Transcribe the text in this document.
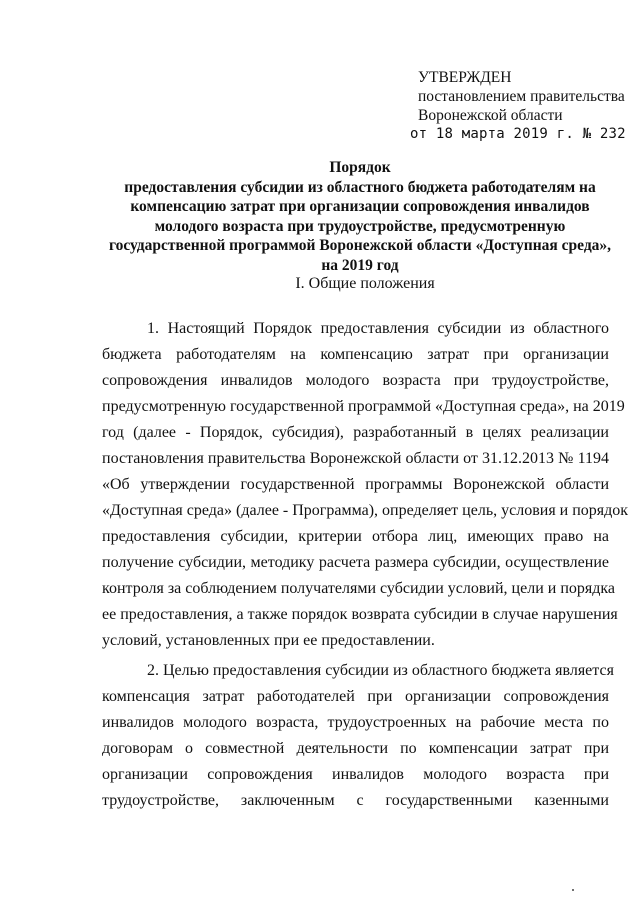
УТВЕРЖДЕН
постановлением правительства
Воронежской области
от 18 марта 2019 г. № 232
Порядок
предоставления субсидии из областного бюджета работодателям на
компенсацию затрат при организации сопровождения инвалидов
молодого возраста при трудоустройстве, предусмотренную
государственной программой Воронежской области «Доступная среда»,
на 2019 год
I. Общие положения
1. Настоящий Порядок предоставления субсидии из областного
бюджета работодателям на компенсацию затрат при организации
сопровождения инвалидов молодого возраста при трудоустройстве,
предусмотренную государственной программой «Доступная среда», на 2019
год (далее - Порядок, субсидия), разработанный в целях реализации
постановления правительства Воронежской области от 31.12.2013 № 1194
«Об утверждении государственной программы Воронежской области
«Доступная среда» (далее - Программа), определяет цель, условия и порядок
предоставления субсидии, критерии отбора лиц, имеющих право на
получение субсидии, методику расчета размера субсидии, осуществление
контроля за соблюдением получателями субсидии условий, цели и порядка
ее предоставления, а также порядок возврата субсидии в случае нарушения
условий, установленных при ее предоставлении.
2. Целью предоставления субсидии из областного бюджета является
компенсация затрат работодателей при организации сопровождения
инвалидов молодого возраста, трудоустроенных на рабочие места по
договорам о совместной деятельности по компенсации затрат при
организации сопровождения инвалидов молодого возраста при
трудоустройстве, заключенным с государственными казенными
